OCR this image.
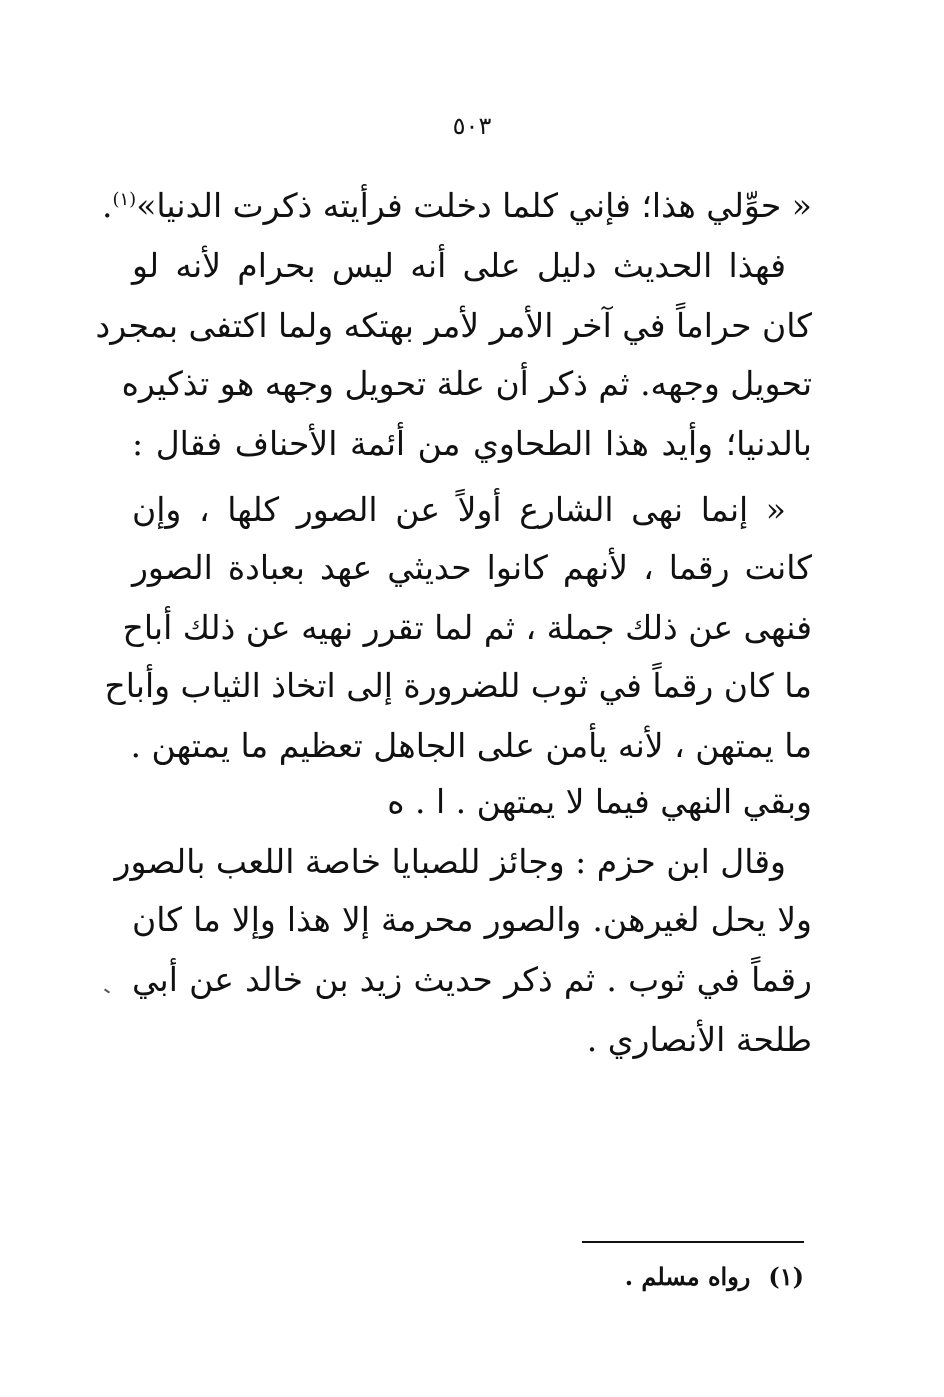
٥٠٣
« حوِّلي هذا؛ فإني كلما دخلت فرأيته ذكرت الدنيا»$^{(١)}$.
فهذا الحديث دليل على أنه ليس بحرام لأنه لو
كان حراماً في آخر الأمر لأمر بهتكه ولما اكتفى بمجرد
تحويل وجهه. ثم ذكر أن علة تحويل وجهه هو تذكيره
بالدنيا؛ وأيد هذا الطحاوي من أئمة الأحناف فقال :
« إنما نهى الشارع أولاً عن الصور كلها ، وإن
كانت رقما ، لأنهم كانوا حديثي عهد بعبادة الصور
فنهى عن ذلك جملة ، ثم لما تقرر نهيه عن ذلك أباح
ما كان رقماً في ثوب للضرورة إلى اتخاذ الثياب وأباح
ما يمتهن ، لأنه يأمن على الجاهل تعظيم ما يمتهن .
وبقي النهي فيما لا يمتهن . ا . ه
وقال ابن حزم : وجائز للصبايا خاصة اللعب بالصور
ولا يحل لغيرهن. والصور محرمة إلا هذا وإلا ما كان
رقماً في ثوب . ثم ذكر حديث زيد بن خالد عن أبي
طلحة الأنصاري .
(١)رواه مسلم .
